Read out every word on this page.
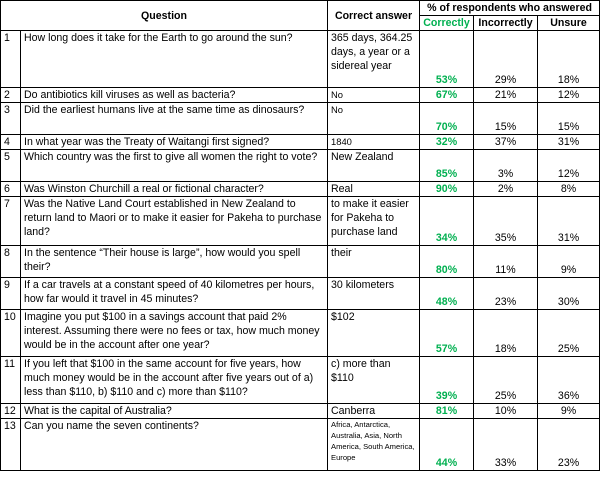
Question		Correct answer	% of respondents who answered		
			Correctly	Incorrectly	Unsure
1	How long does it take for the Earth to go around the sun?	365 days, 364.25 days, a year or a sidereal year	53%	29%	18%
2	Do antibiotics kill viruses as well as bacteria?	No	67%	21%	12%
3	Did the earliest humans live at the same time as dinosaurs?	No	70%	15%	15%
4	In what year was the Treaty of Waitangi first signed?	1840	32%	37%	31%
5	Which country was the first to give all women the right to vote?	New Zealand	85%	3%	12%
6	Was Winston Churchill a real or fictional character?	Real	90%	2%	8%
7	Was the Native Land Court established in New Zealand to return land to Maori or to make it easier for Pakeha to purchase land?	to make it easier for Pakeha to purchase land	34%	35%	31%
8	In the sentence “Their house is large”, how would you spell their?	their	80%	11%	9%
9	If a car travels at a constant speed of 40 kilometres per hours, how far would it travel in 45 minutes?	30 kilometers	48%	23%	30%
10	Imagine you put $100 in a savings account that paid 2% interest. Assuming there were no fees or tax, how much money would be in the account after one year?	$102	57%	18%	25%
11	If you left that $100 in the same account for five years, how much money would be in the account after five years out of a) less than $110, b) $110 and c) more than $110?	c) more than $110	39%	25%	36%
12	What is the capital of Australia?	Canberra	81%	10%	9%
13	Can you name the seven continents?	Africa, Antarctica, Australia, Asia, North America, South America, Europe	44%	33%	23%
